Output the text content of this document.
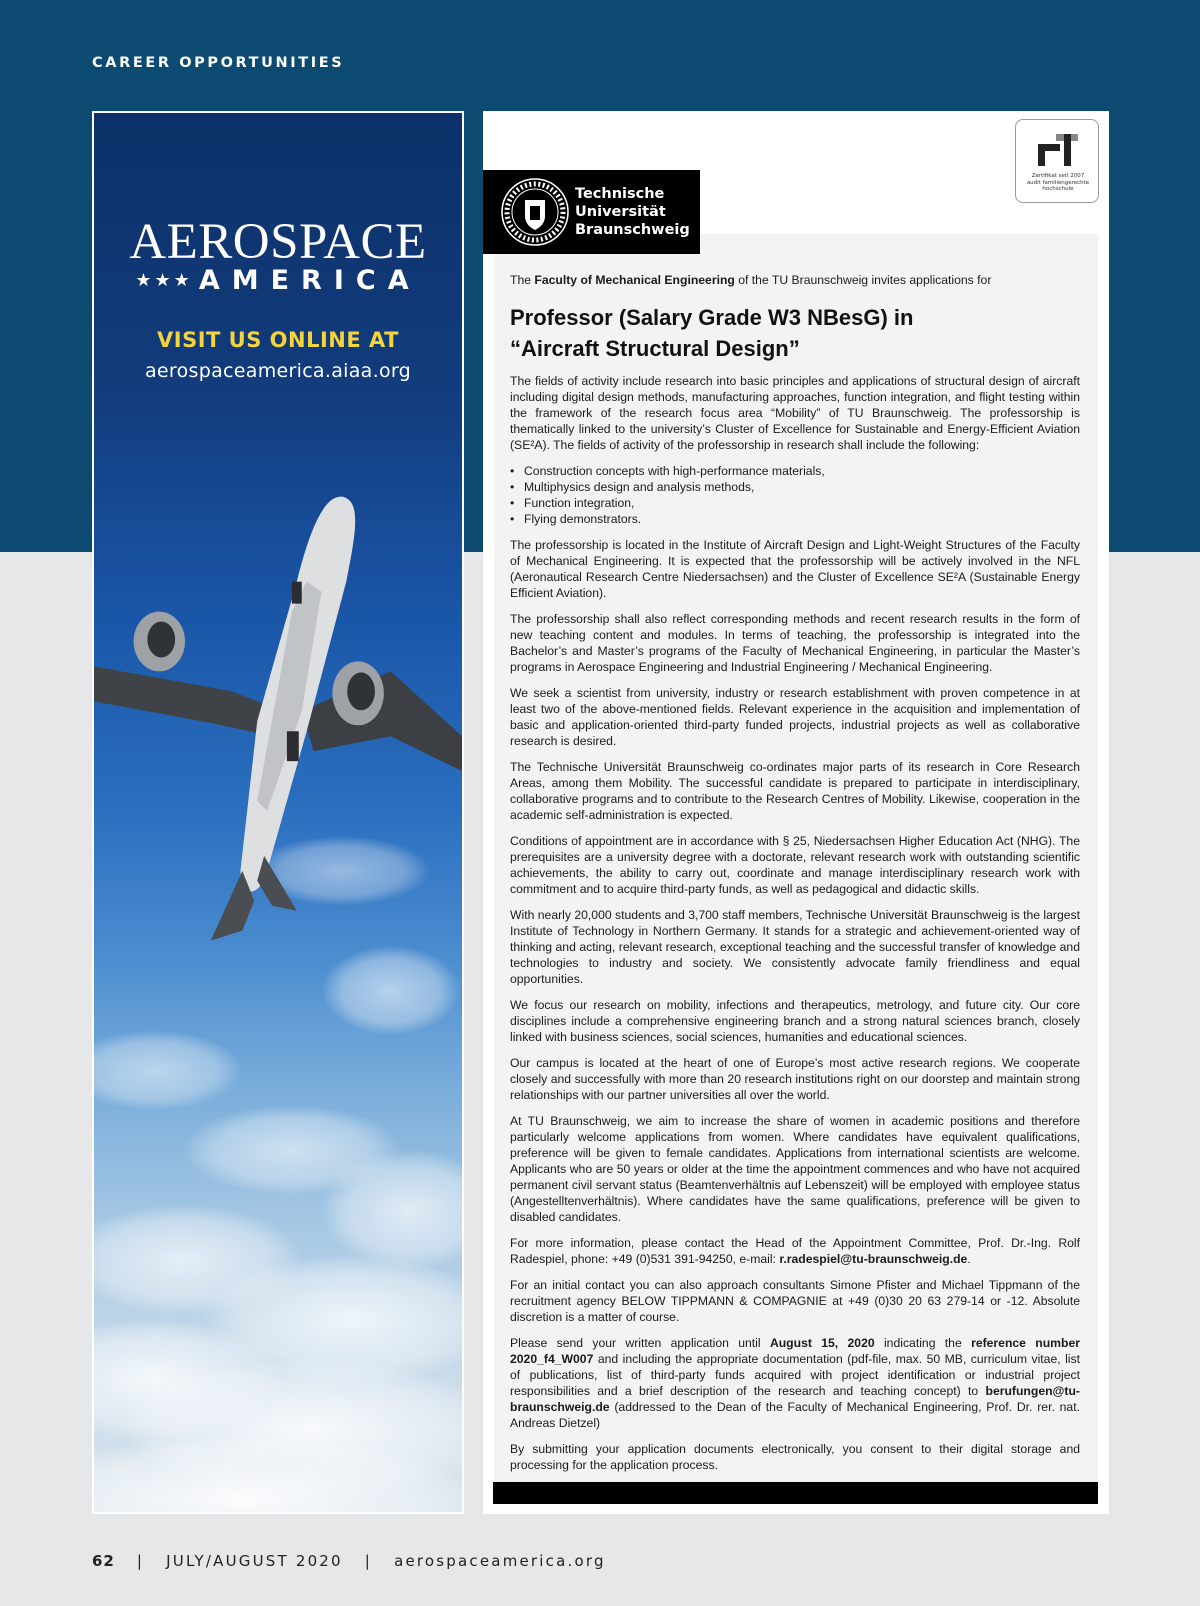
CAREER OPPORTUNITIES
AEROSPACE
★★★ AMERICA
VISIT US ONLINE AT
aerospaceamerica.aiaa.org
Technische
Universität
Braunschweig
Zertifikat seit 2007
audit familiengerechte
hochschule

The Faculty of Mechanical Engineering of the TU Braunschweig invites applications for

Professor (Salary Grade W3 NBesG) in
“Aircraft Structural Design”

The fields of activity include research into basic principles and applications of structural design of aircraft including digital design methods, manufacturing approaches, function integration, and flight testing within the framework of the research focus area “Mobility” of TU Braunschweig. The professorship is thematically linked to the university’s Cluster of Excellence for Sustainable and Energy-Efficient Aviation (SE²A). The fields of activity of the professorship in research shall include the following:

• Construction concepts with high-performance materials,
• Multiphysics design and analysis methods,
• Function integration,
• Flying demonstrators.

The professorship is located in the Institute of Aircraft Design and Light-Weight Structures of the Faculty of Mechanical Engineering. It is expected that the professorship will be actively involved in the NFL (Aeronautical Research Centre Niedersachsen) and the Cluster of Excellence SE²A (Sustainable Energy Efficient Aviation).

The professorship shall also reflect corresponding methods and recent research results in the form of new teaching content and modules. In terms of teaching, the professorship is integrated into the Bachelor’s and Master’s programs of the Faculty of Mechanical Engineering, in particular the Master’s programs in Aerospace Engineering and Industrial Engineering / Mechanical Engineering.

We seek a scientist from university, industry or research establishment with proven competence in at least two of the above-mentioned fields. Relevant experience in the acquisition and implementation of basic and application-oriented third-party funded projects, industrial projects as well as collaborative research is desired.

The Technische Universität Braunschweig co-ordinates major parts of its research in Core Research Areas, among them Mobility. The successful candidate is prepared to participate in interdisciplinary, collaborative programs and to contribute to the Research Centres of Mobility. Likewise, cooperation in the academic self-administration is expected.

Conditions of appointment are in accordance with § 25, Niedersachsen Higher Education Act (NHG). The prerequisites are a university degree with a doctorate, relevant research work with outstanding scientific achievements, the ability to carry out, coordinate and manage interdisciplinary research work with commitment and to acquire third-party funds, as well as pedagogical and didactic skills.

With nearly 20,000 students and 3,700 staff members, Technische Universität Braunschweig is the largest Institute of Technology in Northern Germany. It stands for a strategic and achievement-oriented way of thinking and acting, relevant research, exceptional teaching and the successful transfer of knowledge and technologies to industry and society. We consistently advocate family friendliness and equal opportunities.

We focus our research on mobility, infections and therapeutics, metrology, and future city. Our core disciplines include a comprehensive engineering branch and a strong natural sciences branch, closely linked with business sciences, social sciences, humanities and educational sciences.

Our campus is located at the heart of one of Europe’s most active research regions. We cooperate closely and successfully with more than 20 research institutions right on our doorstep and maintain strong relationships with our partner universities all over the world.

At TU Braunschweig, we aim to increase the share of women in academic positions and therefore particularly welcome applications from women. Where candidates have equivalent qualifications, preference will be given to female candidates. Applications from international scientists are welcome. Applicants who are 50 years or older at the time the appointment commences and who have not acquired permanent civil servant status (Beamtenverhältnis auf Lebenszeit) will be employed with employee status (Angestelltenverhältnis). Where candidates have the same qualifications, preference will be given to disabled candidates.

For more information, please contact the Head of the Appointment Committee, Prof. Dr.-Ing. Rolf Radespiel, phone: +49 (0)531 391-94250, e-mail: r.radespiel@tu-braunschweig.de.

For an initial contact you can also approach consultants Simone Pfister and Michael Tippmann of the recruitment agency BELOW TIPPMANN & COMPAGNIE at +49 (0)30 20 63 279-14 or -12. Absolute discretion is a matter of course.

Please send your written application until August 15, 2020 indicating the reference number 2020_f4_W007 and including the appropriate documentation (pdf-file, max. 50 MB, curriculum vitae, list of publications, list of third-party funds acquired with project identification or industrial project responsibilities and a brief description of the research and teaching concept) to berufungen@tu-braunschweig.de (addressed to the Dean of the Faculty of Mechanical Engineering, Prof. Dr. rer. nat. Andreas Dietzel)

By submitting your application documents electronically, you consent to their digital storage and processing for the application process.

62 | JULY/AUGUST 2020 | aerospaceamerica.org
